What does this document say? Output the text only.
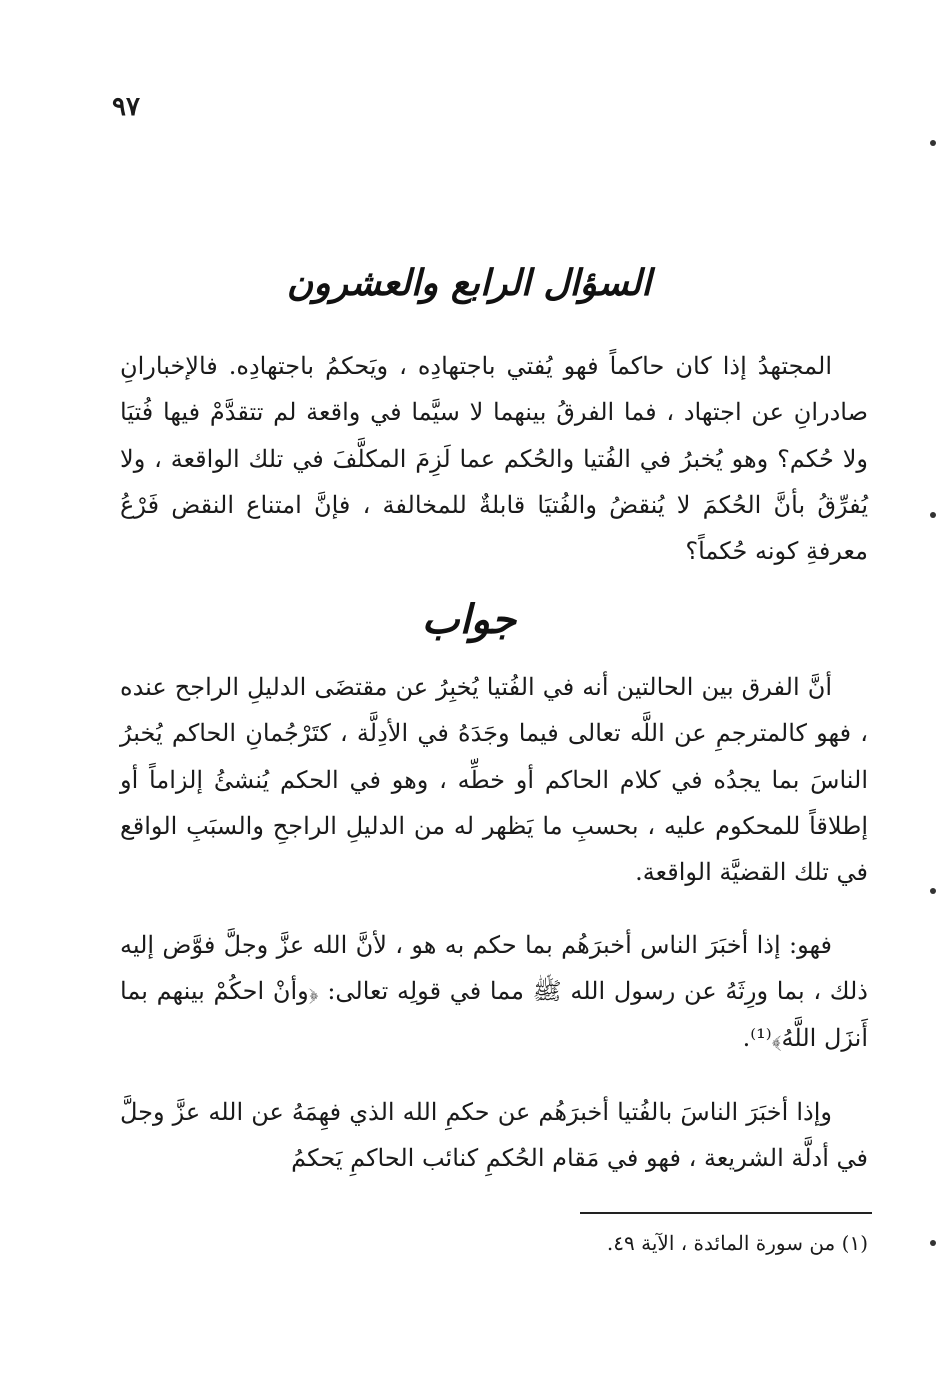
٩٧
السؤال الرابع والعشرون

المجتهدُ إذا كان حاكماً فهو يُفتي باجتهادِه ، ويَحكمُ باجتهادِه. فالإخبارانِ صادرانِ عن اجتهاد ، فما الفرقُ بينهما لا سيَّما في واقعة لم تتقدَّمْ فيها فُتيَا ولا حُكم؟ وهو يُخبرُ في الفُتيا والحُكم عما لَزِمَ المكلَّفَ في تلك الواقعة ، ولا يُفرِّقُ بأنَّ الحُكمَ لا يُنقضُ والفُتيَا قابلةٌ للمخالفة ، فإنَّ امتناع النقض فَرْعُ معرفةِ كونه حُكماً؟

جواب

أنَّ الفرق بين الحالتين أنه في الفُتيا يُخبِرُ عن مقتضَى الدليلِ الراجح عنده ، فهو كالمترجمِ عن اللَّه تعالى فيما وجَدَهُ في الأدِلَّة ، كتَرْجُمانِ الحاكم يُخبرُ الناسَ بما يجدُه في كلام الحاكم أو خطِّه ، وهو في الحكم يُنشئُ إلزاماً أو إطلاقاً للمحكوم عليه ، بحسبِ ما يَظهر له من الدليلِ الراجحِ والسبَبِ الواقع في تلك القضيَّة الواقعة.

فهو: إذا أخبَرَ الناس أخبرَهُم بما حكم به هو ، لأنَّ الله عزَّ وجلَّ فوَّض إليه ذلك ، بما ورِثَهُ عن رسول الله ﷺ مما في قولِه تعالى: ﴿وأنْ احكُمْ بينهم بما أَنزَل اللَّهُ﴾⁽¹⁾.

وإذا أخبَرَ الناسَ بالفُتيا أخبرَهُم عن حكمِ الله الذي فهِمَهُ عن الله عزَّ وجلَّ في أدلَّة الشريعة ، فهو في مَقام الحُكمِ كنائب الحاكمِ يَحكمُ

(١) من سورة المائدة ، الآية ٤٩.
